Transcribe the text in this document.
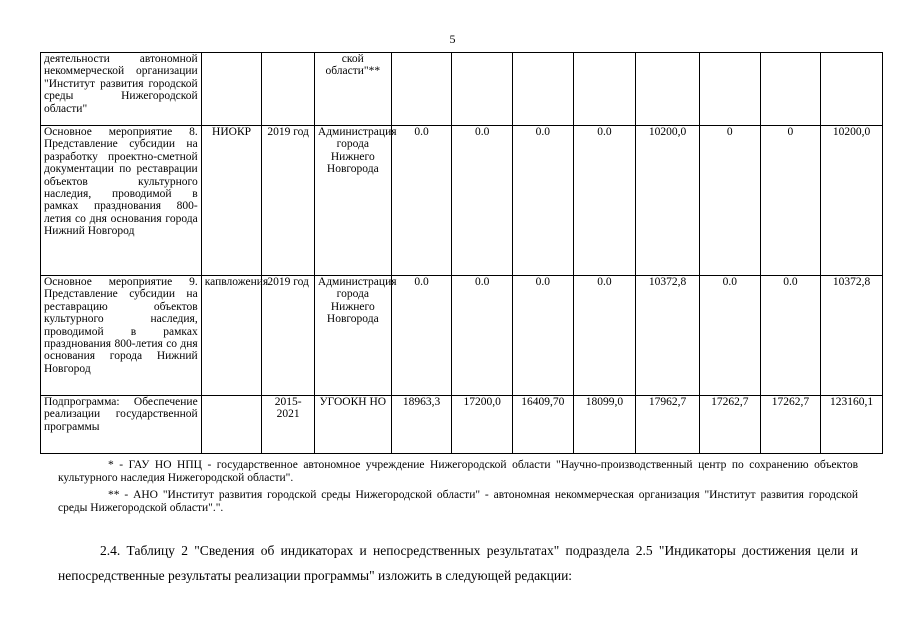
5
деятельности автономной некоммерческой организации "Институт развития городской среды Нижегородской области"			ской области"**								
Основное мероприятие 8. Представление субсидии на разработку проектно-сметной документации по реставрации объектов культурного наследия, проводимой в рамках празднования 800-летия со дня основания города Нижний Новгород	НИОКР	2019 год	Администрация города Нижнего Новгорода	0.0	0.0	0.0	0.0	10200,0	0	0	10200,0
Основное мероприятие 9. Представление субсидии на реставрацию объектов культурного наследия, проводимой в рамках празднования 800-летия со дня основания города Нижний Новгород	капвложения	2019 год	Администрация города Нижнего Новгорода	0.0	0.0	0.0	0.0	10372,8	0.0	0.0	10372,8
Подпрограмма: Обеспечение реализации государственной программы		2015-2021	УГООКН НО	18963,3	17200,0	16409,70	18099,0	17962,7	17262,7	17262,7	123160,1

* - ГАУ НО НПЦ - государственное автономное учреждение Нижегородской области "Научно-производственный центр по сохранению объектов культурного наследия Нижегородской области".

** - АНО "Институт развития городской среды Нижегородской области" - автономная некоммерческая организация "Институт развития городской среды Нижегородской области".".

2.4. Таблицу 2 "Сведения об индикаторах и непосредственных результатах" подраздела 2.5 "Индикаторы достижения цели и непосредственные результаты реализации программы" изложить в следующей редакции:
